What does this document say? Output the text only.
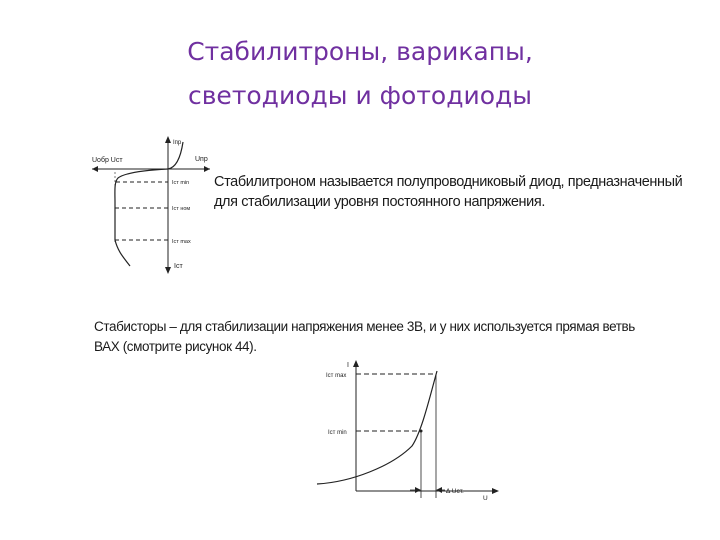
Стабилитроны, варикапы,
светодиоды и фотодиоды
Uобр Uст
Iпр
Uпр
Iст min
Iст ном
Iст max
Iст
Стабилитроном называется полупроводниковый диод, предназначенный
для стабилизации уровня постоянного напряжения.
Стабисторы – для стабилизации напряжения менее 3В, и у них используется прямая ветвь
ВАХ (смотрите рисунок 44).
I
Iст max
Iст min
Δ Uст.
U
